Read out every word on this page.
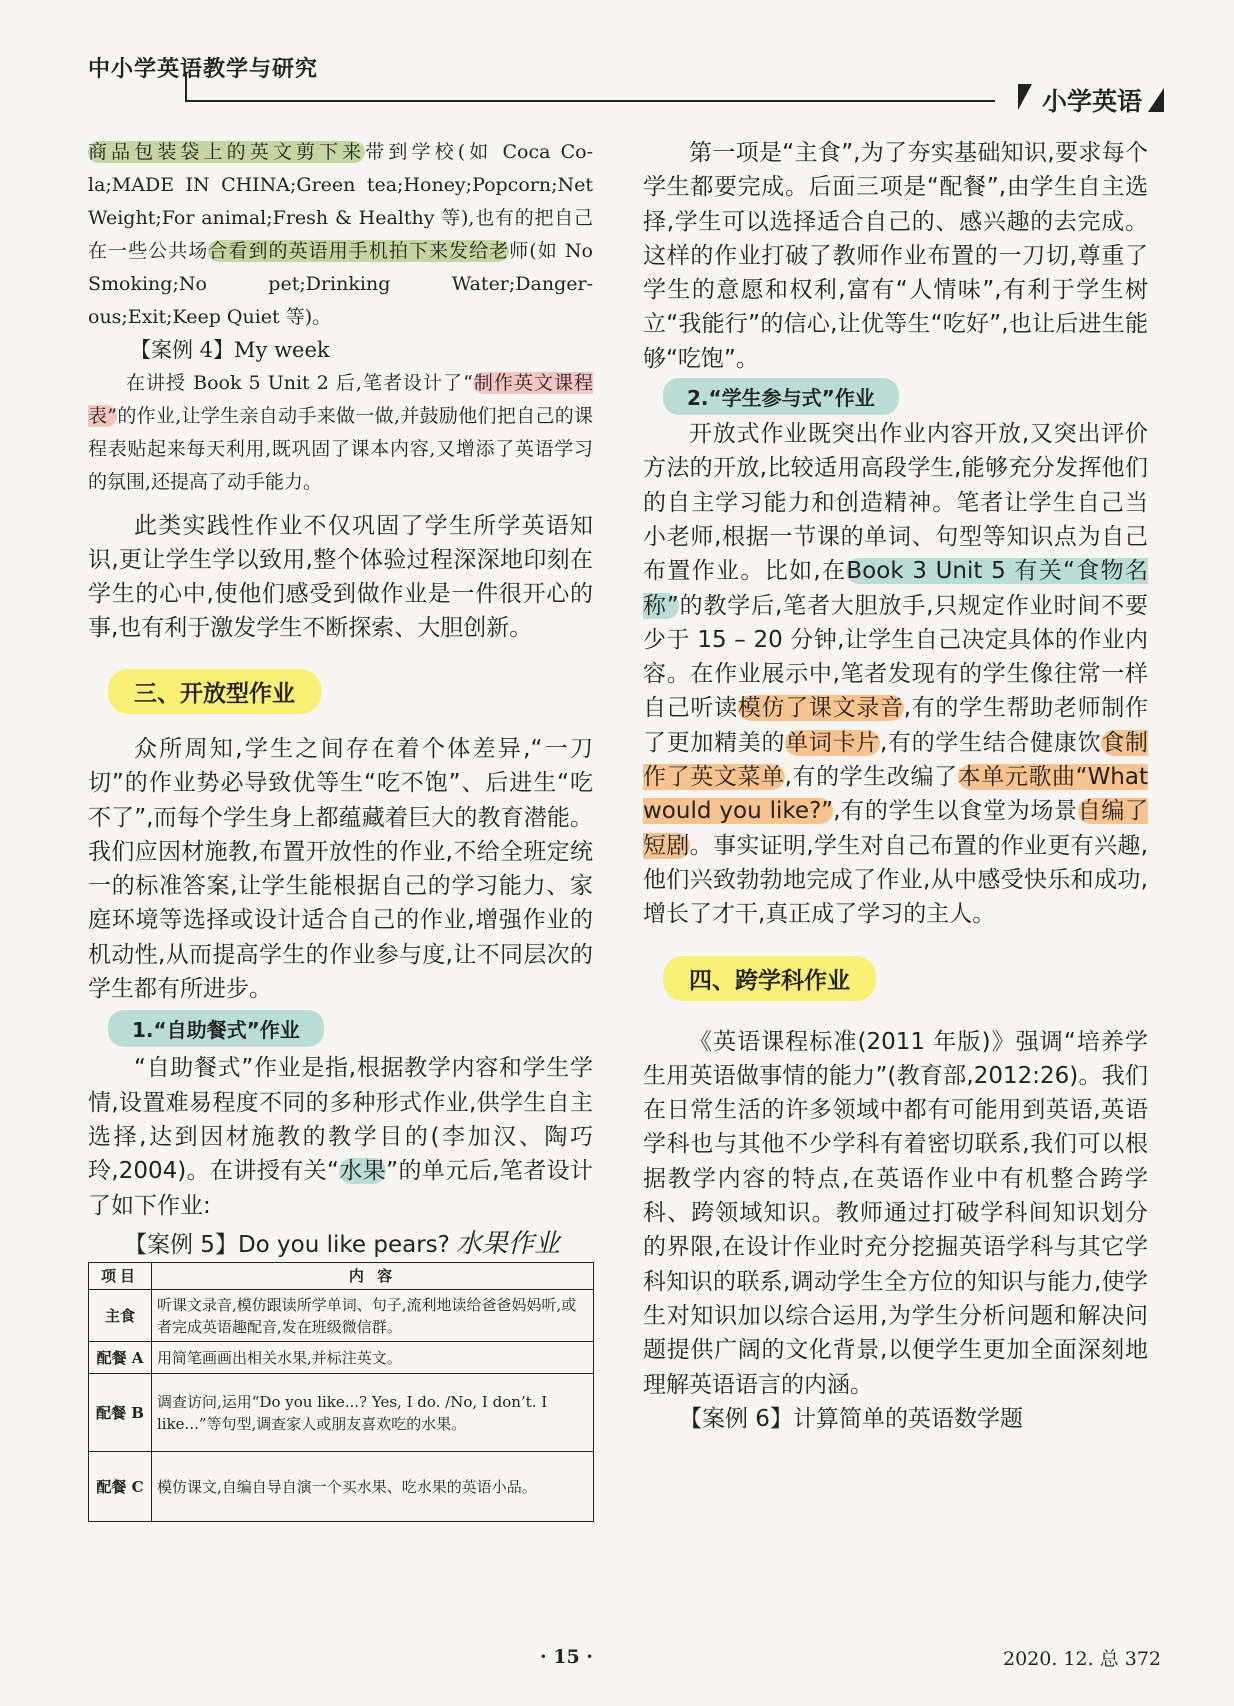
中小学英语教学与研究
小学英语

商品包装袋上的英文剪下来带到学校(如 Coca Co-la;MADE IN CHINA;Green tea;Honey;Popcorn;Net Weight;For animal;Fresh & Healthy 等),也有的把自己在一些公共场合看到的英语用手机拍下来发给老师(如 No Smoking;No pet;Drinking Water;Danger-ous;Exit;Keep Quiet 等)。

【案例 4】My week

在讲授 Book 5 Unit 2 后,笔者设计了“制作英文课程表”的作业,让学生亲自动手来做一做,并鼓励他们把自己的课程表贴起来每天利用,既巩固了课本内容,又增添了英语学习的氛围,还提高了动手能力。

此类实践性作业不仅巩固了学生所学英语知识,更让学生学以致用,整个体验过程深深地印刻在学生的心中,使他们感受到做作业是一件很开心的事,也有利于激发学生不断探索、大胆创新。

三、开放型作业

众所周知,学生之间存在着个体差异,“一刀切”的作业势必导致优等生“吃不饱”、后进生“吃不了”,而每个学生身上都蕴藏着巨大的教育潜能。我们应因材施教,布置开放性的作业,不给全班定统一的标准答案,让学生能根据自己的学习能力、家庭环境等选择或设计适合自己的作业,增强作业的机动性,从而提高学生的作业参与度,让不同层次的学生都有所进步。

1.“自助餐式”作业

“自助餐式”作业是指,根据教学内容和学生学情,设置难易程度不同的多种形式作业,供学生自主选择,达到因材施教的教学目的(李加汉、陶巧玲,2004)。在讲授有关“水果”的单元后,笔者设计了如下作业:

【案例 5】Do you like pears? 水果作业

项目	内 容
主食	听课文录音,模仿跟读所学单词、句子,流利地读给爸爸妈妈听,或者完成英语趣配音,发在班级微信群。
配餐 A	用简笔画画出相关水果,并标注英文。
配餐 B	调查访问,运用“Do you like...? Yes, I do. /No, I don’t. I like...”等句型,调查家人或朋友喜欢吃的水果。
配餐 C	模仿课文,自编自导自演一个买水果、吃水果的英语小品。

第一项是“主食”,为了夯实基础知识,要求每个学生都要完成。后面三项是“配餐”,由学生自主选择,学生可以选择适合自己的、感兴趣的去完成。这样的作业打破了教师作业布置的一刀切,尊重了学生的意愿和权利,富有“人情味”,有利于学生树立“我能行”的信心,让优等生“吃好”,也让后进生能够“吃饱”。

2.“学生参与式”作业

开放式作业既突出作业内容开放,又突出评价方法的开放,比较适用高段学生,能够充分发挥他们的自主学习能力和创造精神。笔者让学生自己当小老师,根据一节课的单词、句型等知识点为自己布置作业。比如,在Book 3 Unit 5 有关“食物名称”的教学后,笔者大胆放手,只规定作业时间不要少于 15 – 20 分钟,让学生自己决定具体的作业内容。在作业展示中,笔者发现有的学生像往常一样自己听读模仿了课文录音,有的学生帮助老师制作了更加精美的单词卡片,有的学生结合健康饮食制作了英文菜单,有的学生改编了本单元歌曲“What would you like?”,有的学生以食堂为场景自编了短剧。事实证明,学生对自己布置的作业更有兴趣,他们兴致勃勃地完成了作业,从中感受快乐和成功,增长了才干,真正成了学习的主人。

四、跨学科作业

《英语课程标准(2011 年版)》强调“培养学生用英语做事情的能力”(教育部,2012:26)。我们在日常生活的许多领域中都有可能用到英语,英语学科也与其他不少学科有着密切联系,我们可以根据教学内容的特点,在英语作业中有机整合跨学科、跨领域知识。教师通过打破学科间知识划分的界限,在设计作业时充分挖掘英语学科与其它学科知识的联系,调动学生全方位的知识与能力,使学生对知识加以综合运用,为学生分析问题和解决问题提供广阔的文化背景,以便学生更加全面深刻地理解英语语言的内涵。

【案例 6】计算简单的英语数学题

· 15 ·	2020. 12. 总 372
